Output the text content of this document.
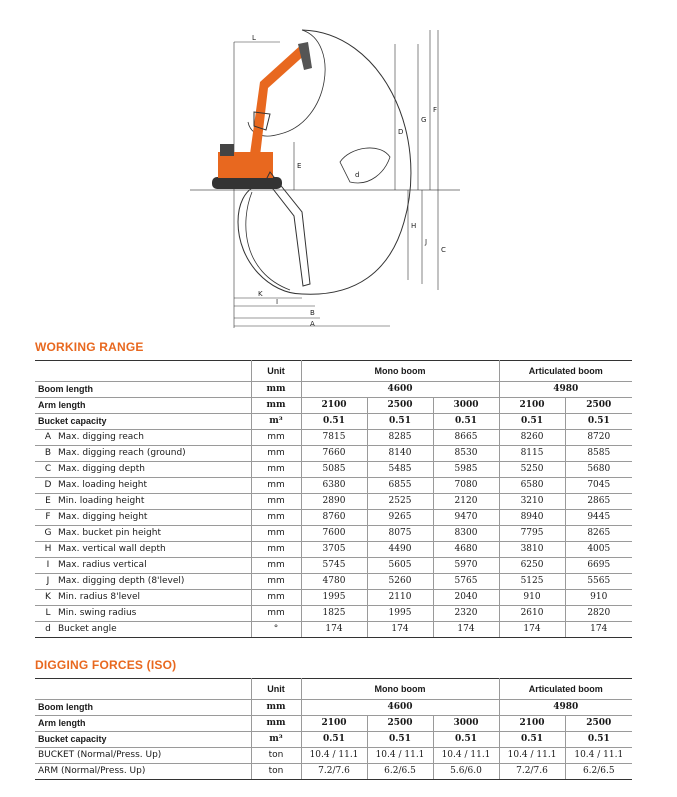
L
B
A
K
I
E
D
G
F
H
J
C
d
WORKING RANGE
	Unit	Mono boom			Articulated boom	
Boom length	mm	4600			4980	
Arm length	mm	2100	2500	3000	2100	2500
Bucket capacity	m³	0.51	0.51	0.51	0.51	0.51
A Max. digging reach	mm	7815	8285	8665	8260	8720
B Max. digging reach (ground)	mm	7660	8140	8530	8115	8585
C Max. digging depth	mm	5085	5485	5985	5250	5680
D Max. loading height	mm	6380	6855	7080	6580	7045
E Min. loading height	mm	2890	2525	2120	3210	2865
F Max. digging height	mm	8760	9265	9470	8940	9445
G Max. bucket pin height	mm	7600	8075	8300	7795	8265
H Max. vertical wall depth	mm	3705	4490	4680	3810	4005
I Max. radius vertical	mm	5745	5605	5970	6250	6695
J Max. digging depth (8'level)	mm	4780	5260	5765	5125	5565
K Min. radius 8'level	mm	1995	2110	2040	910	910
L Min. swing radius	mm	1825	1995	2320	2610	2820
d Bucket angle	°	174	174	174	174	174
DIGGING FORCES (ISO)
	Unit	Mono boom			Articulated boom	
Boom length	mm	4600			4980	
Arm length	mm	2100	2500	3000	2100	2500
Bucket capacity	m³	0.51	0.51	0.51	0.51	0.51
BUCKET (Normal/Press. Up)	ton	10.4 / 11.1	10.4 / 11.1	10.4 / 11.1	10.4 / 11.1	10.4 / 11.1
ARM (Normal/Press. Up)	ton	7.2/7.6	6.2/6.5	5.6/6.0	7.2/7.6	6.2/6.5
